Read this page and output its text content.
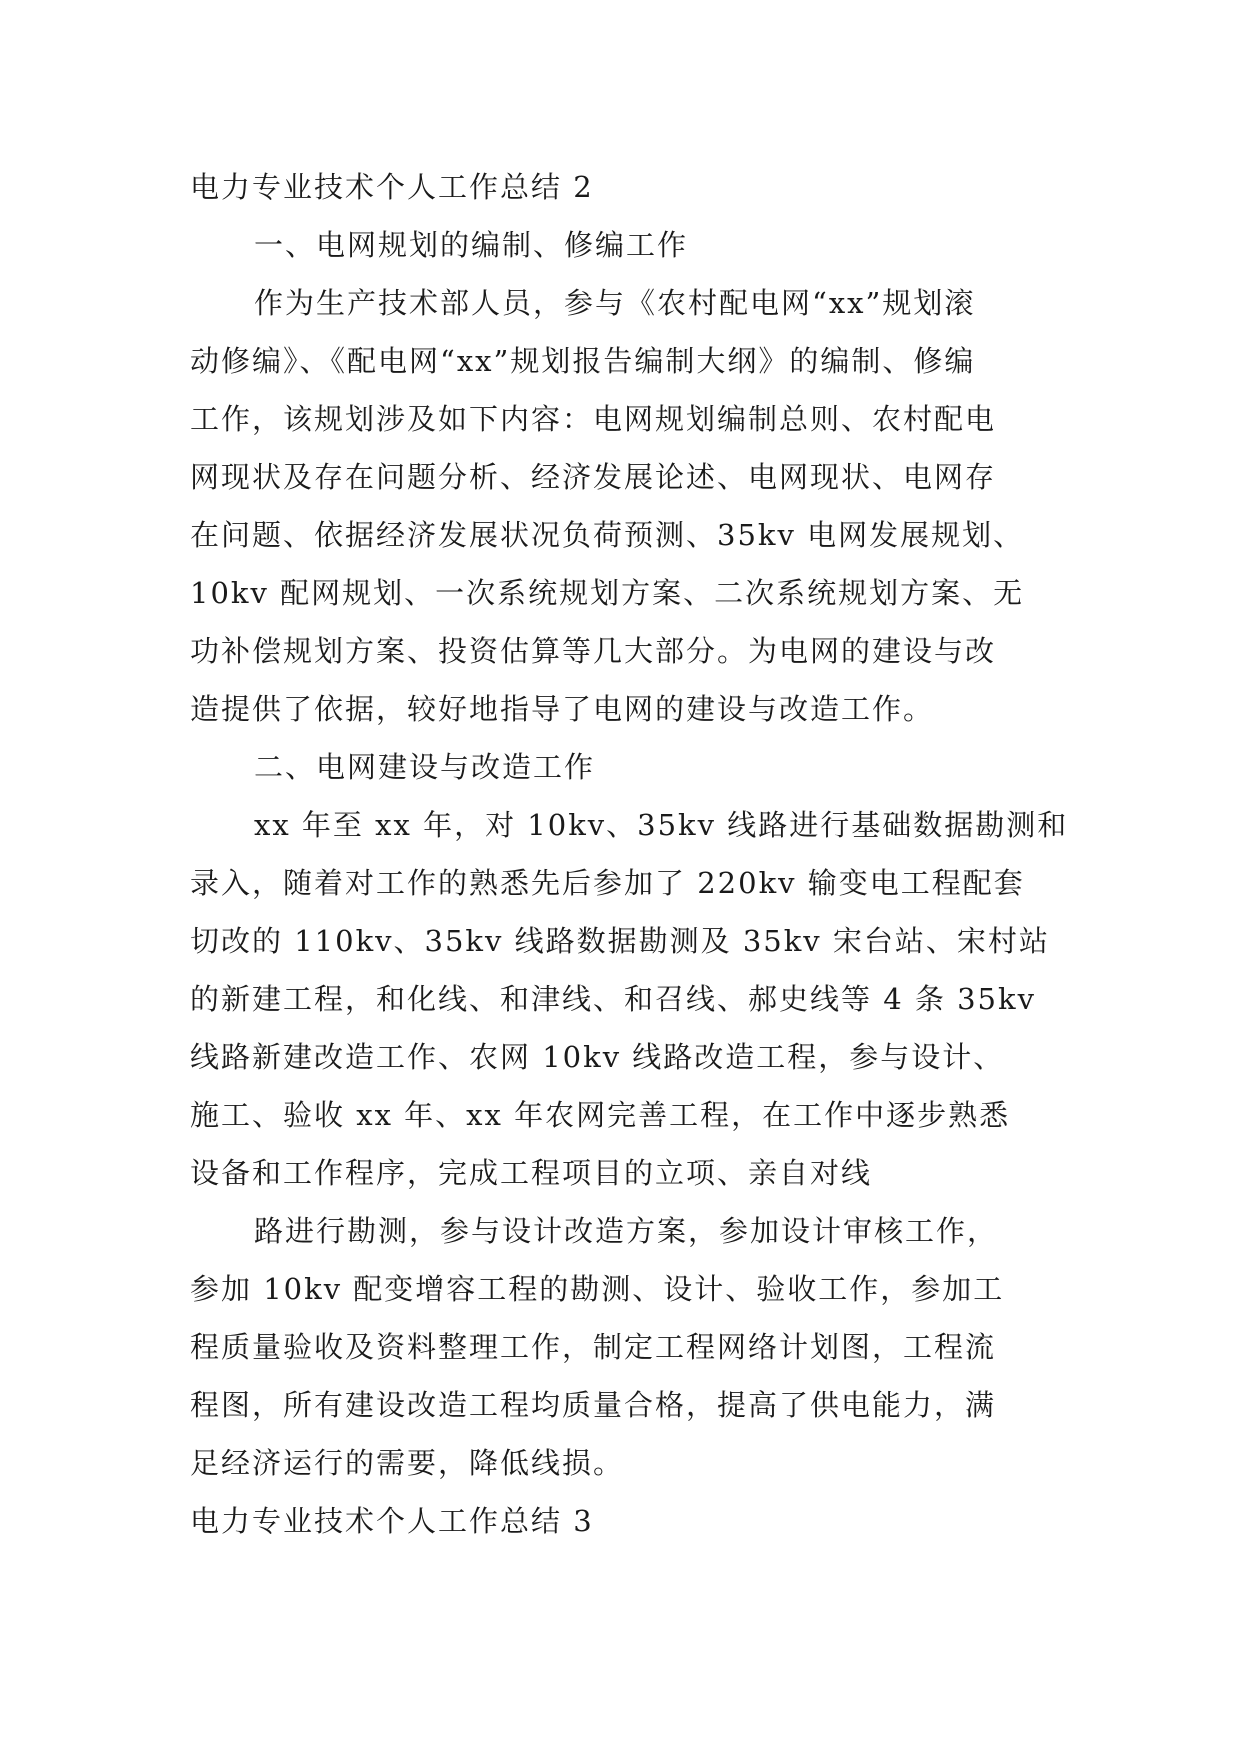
电力专业技术个人工作总结 2
一、电网规划的编制、修编工作
作为生产技术部人员，参与《农村配电网“xx”规划滚
动修编》、《配电网“xx”规划报告编制大纲》的编制、修编
工作，该规划涉及如下内容：电网规划编制总则、农村配电
网现状及存在问题分析、经济发展论述、电网现状、电网存
在问题、依据经济发展状况负荷预测、35kv 电网发展规划、
10kv 配网规划、一次系统规划方案、二次系统规划方案、无
功补偿规划方案、投资估算等几大部分。为电网的建设与改
造提供了依据，较好地指导了电网的建设与改造工作。
二、电网建设与改造工作
xx 年至 xx 年，对 10kv、35kv 线路进行基础数据勘测和
录入，随着对工作的熟悉先后参加了 220kv 输变电工程配套
切改的 110kv、35kv 线路数据勘测及 35kv 宋台站、宋村站
的新建工程，和化线、和津线、和召线、郝史线等 4 条 35kv
线路新建改造工作、农网 10kv 线路改造工程，参与设计、
施工、验收 xx 年、xx 年农网完善工程，在工作中逐步熟悉
设备和工作程序，完成工程项目的立项、亲自对线
路进行勘测，参与设计改造方案，参加设计审核工作，
参加 10kv 配变增容工程的勘测、设计、验收工作，参加工
程质量验收及资料整理工作，制定工程网络计划图，工程流
程图，所有建设改造工程均质量合格，提高了供电能力，满
足经济运行的需要，降低线损。
电力专业技术个人工作总结 3
